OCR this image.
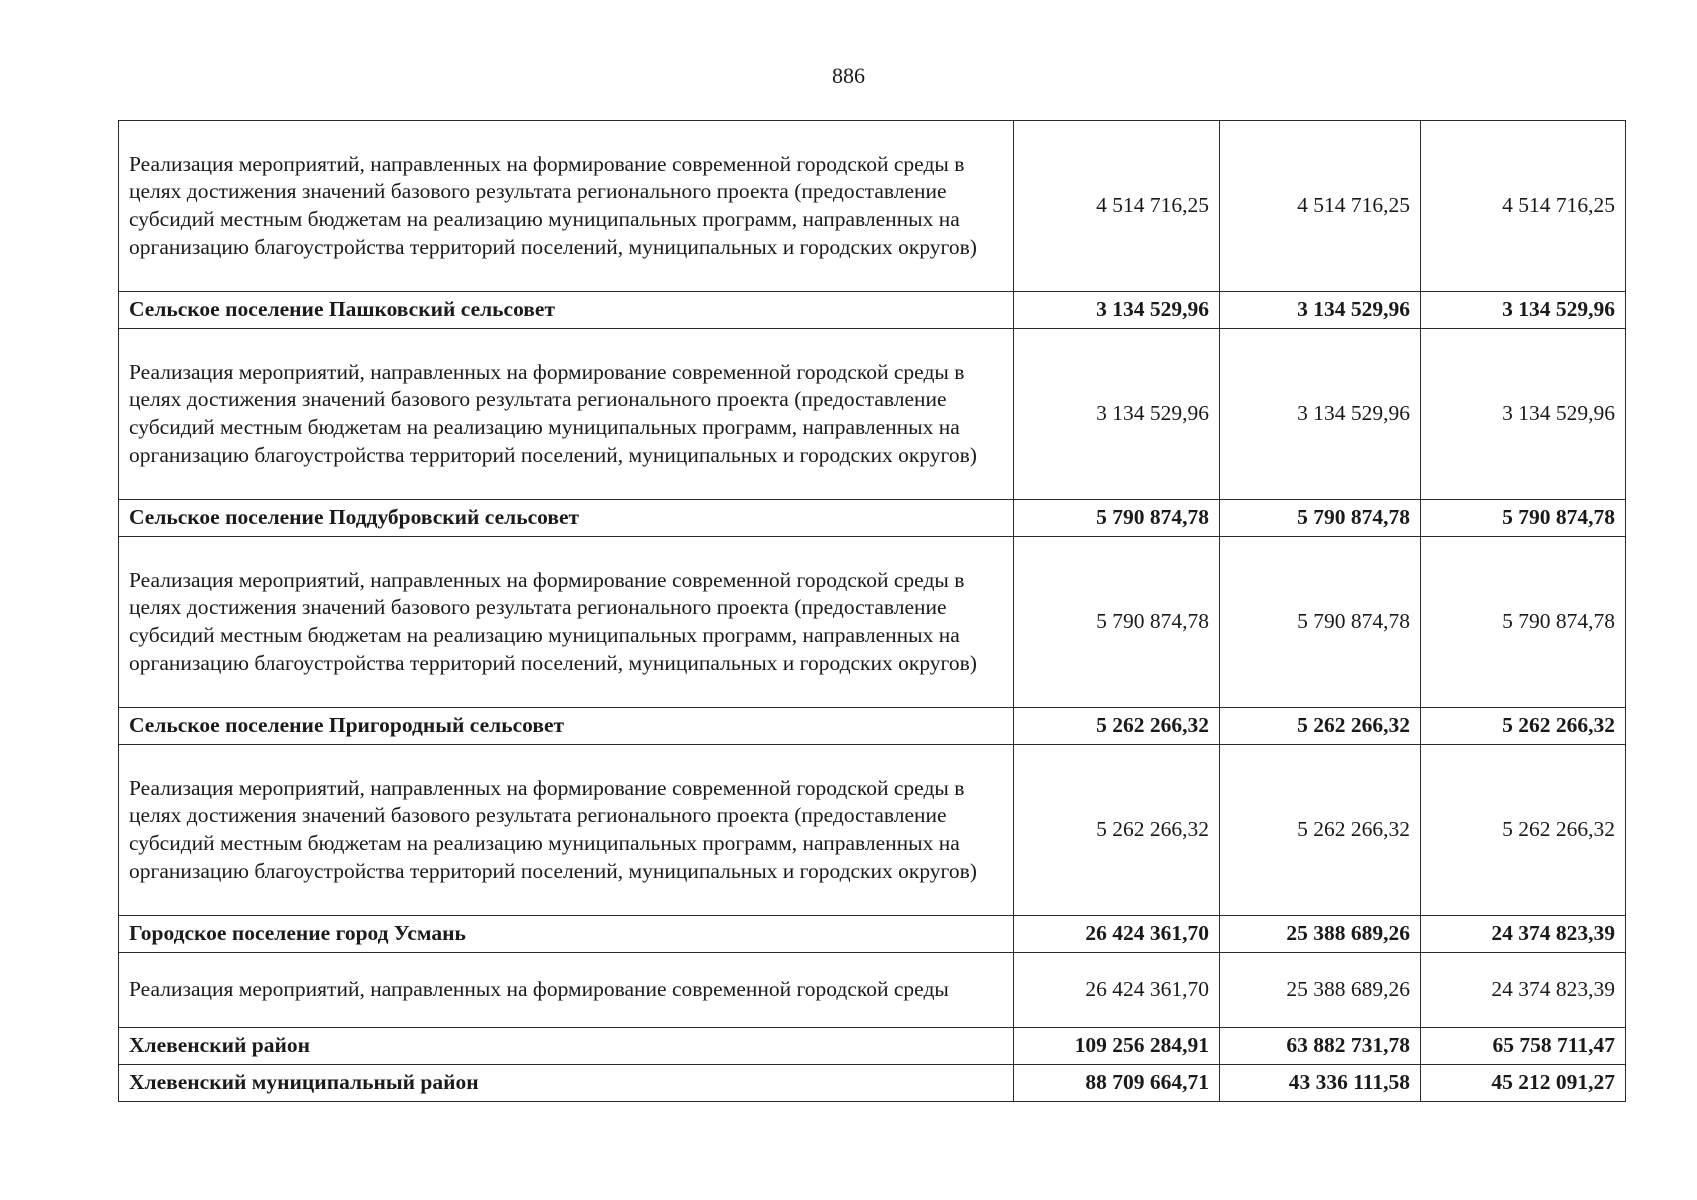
886
Реализация мероприятий, направленных на формирование современной городской среды в целях достижения значений базового результата регионального проекта (предоставление субсидий местным бюджетам на реализацию муниципальных программ, направленных на организацию благоустройства территорий поселений, муниципальных и городских округов)	4 514 716,25	4 514 716,25	4 514 716,25
Сельское поселение Пашковский сельсовет	3 134 529,96	3 134 529,96	3 134 529,96
Реализация мероприятий, направленных на формирование современной городской среды в целях достижения значений базового результата регионального проекта (предоставление субсидий местным бюджетам на реализацию муниципальных программ, направленных на организацию благоустройства территорий поселений, муниципальных и городских округов)	3 134 529,96	3 134 529,96	3 134 529,96
Сельское поселение Поддубровский сельсовет	5 790 874,78	5 790 874,78	5 790 874,78
Реализация мероприятий, направленных на формирование современной городской среды в целях достижения значений базового результата регионального проекта (предоставление субсидий местным бюджетам на реализацию муниципальных программ, направленных на организацию благоустройства территорий поселений, муниципальных и городских округов)	5 790 874,78	5 790 874,78	5 790 874,78
Сельское поселение Пригородный сельсовет	5 262 266,32	5 262 266,32	5 262 266,32
Реализация мероприятий, направленных на формирование современной городской среды в целях достижения значений базового результата регионального проекта (предоставление субсидий местным бюджетам на реализацию муниципальных программ, направленных на организацию благоустройства территорий поселений, муниципальных и городских округов)	5 262 266,32	5 262 266,32	5 262 266,32
Городское поселение город Усмань	26 424 361,70	25 388 689,26	24 374 823,39
Реализация мероприятий, направленных на формирование современной городской среды	26 424 361,70	25 388 689,26	24 374 823,39
Хлевенский район	109 256 284,91	63 882 731,78	65 758 711,47
Хлевенский муниципальный район	88 709 664,71	43 336 111,58	45 212 091,27
